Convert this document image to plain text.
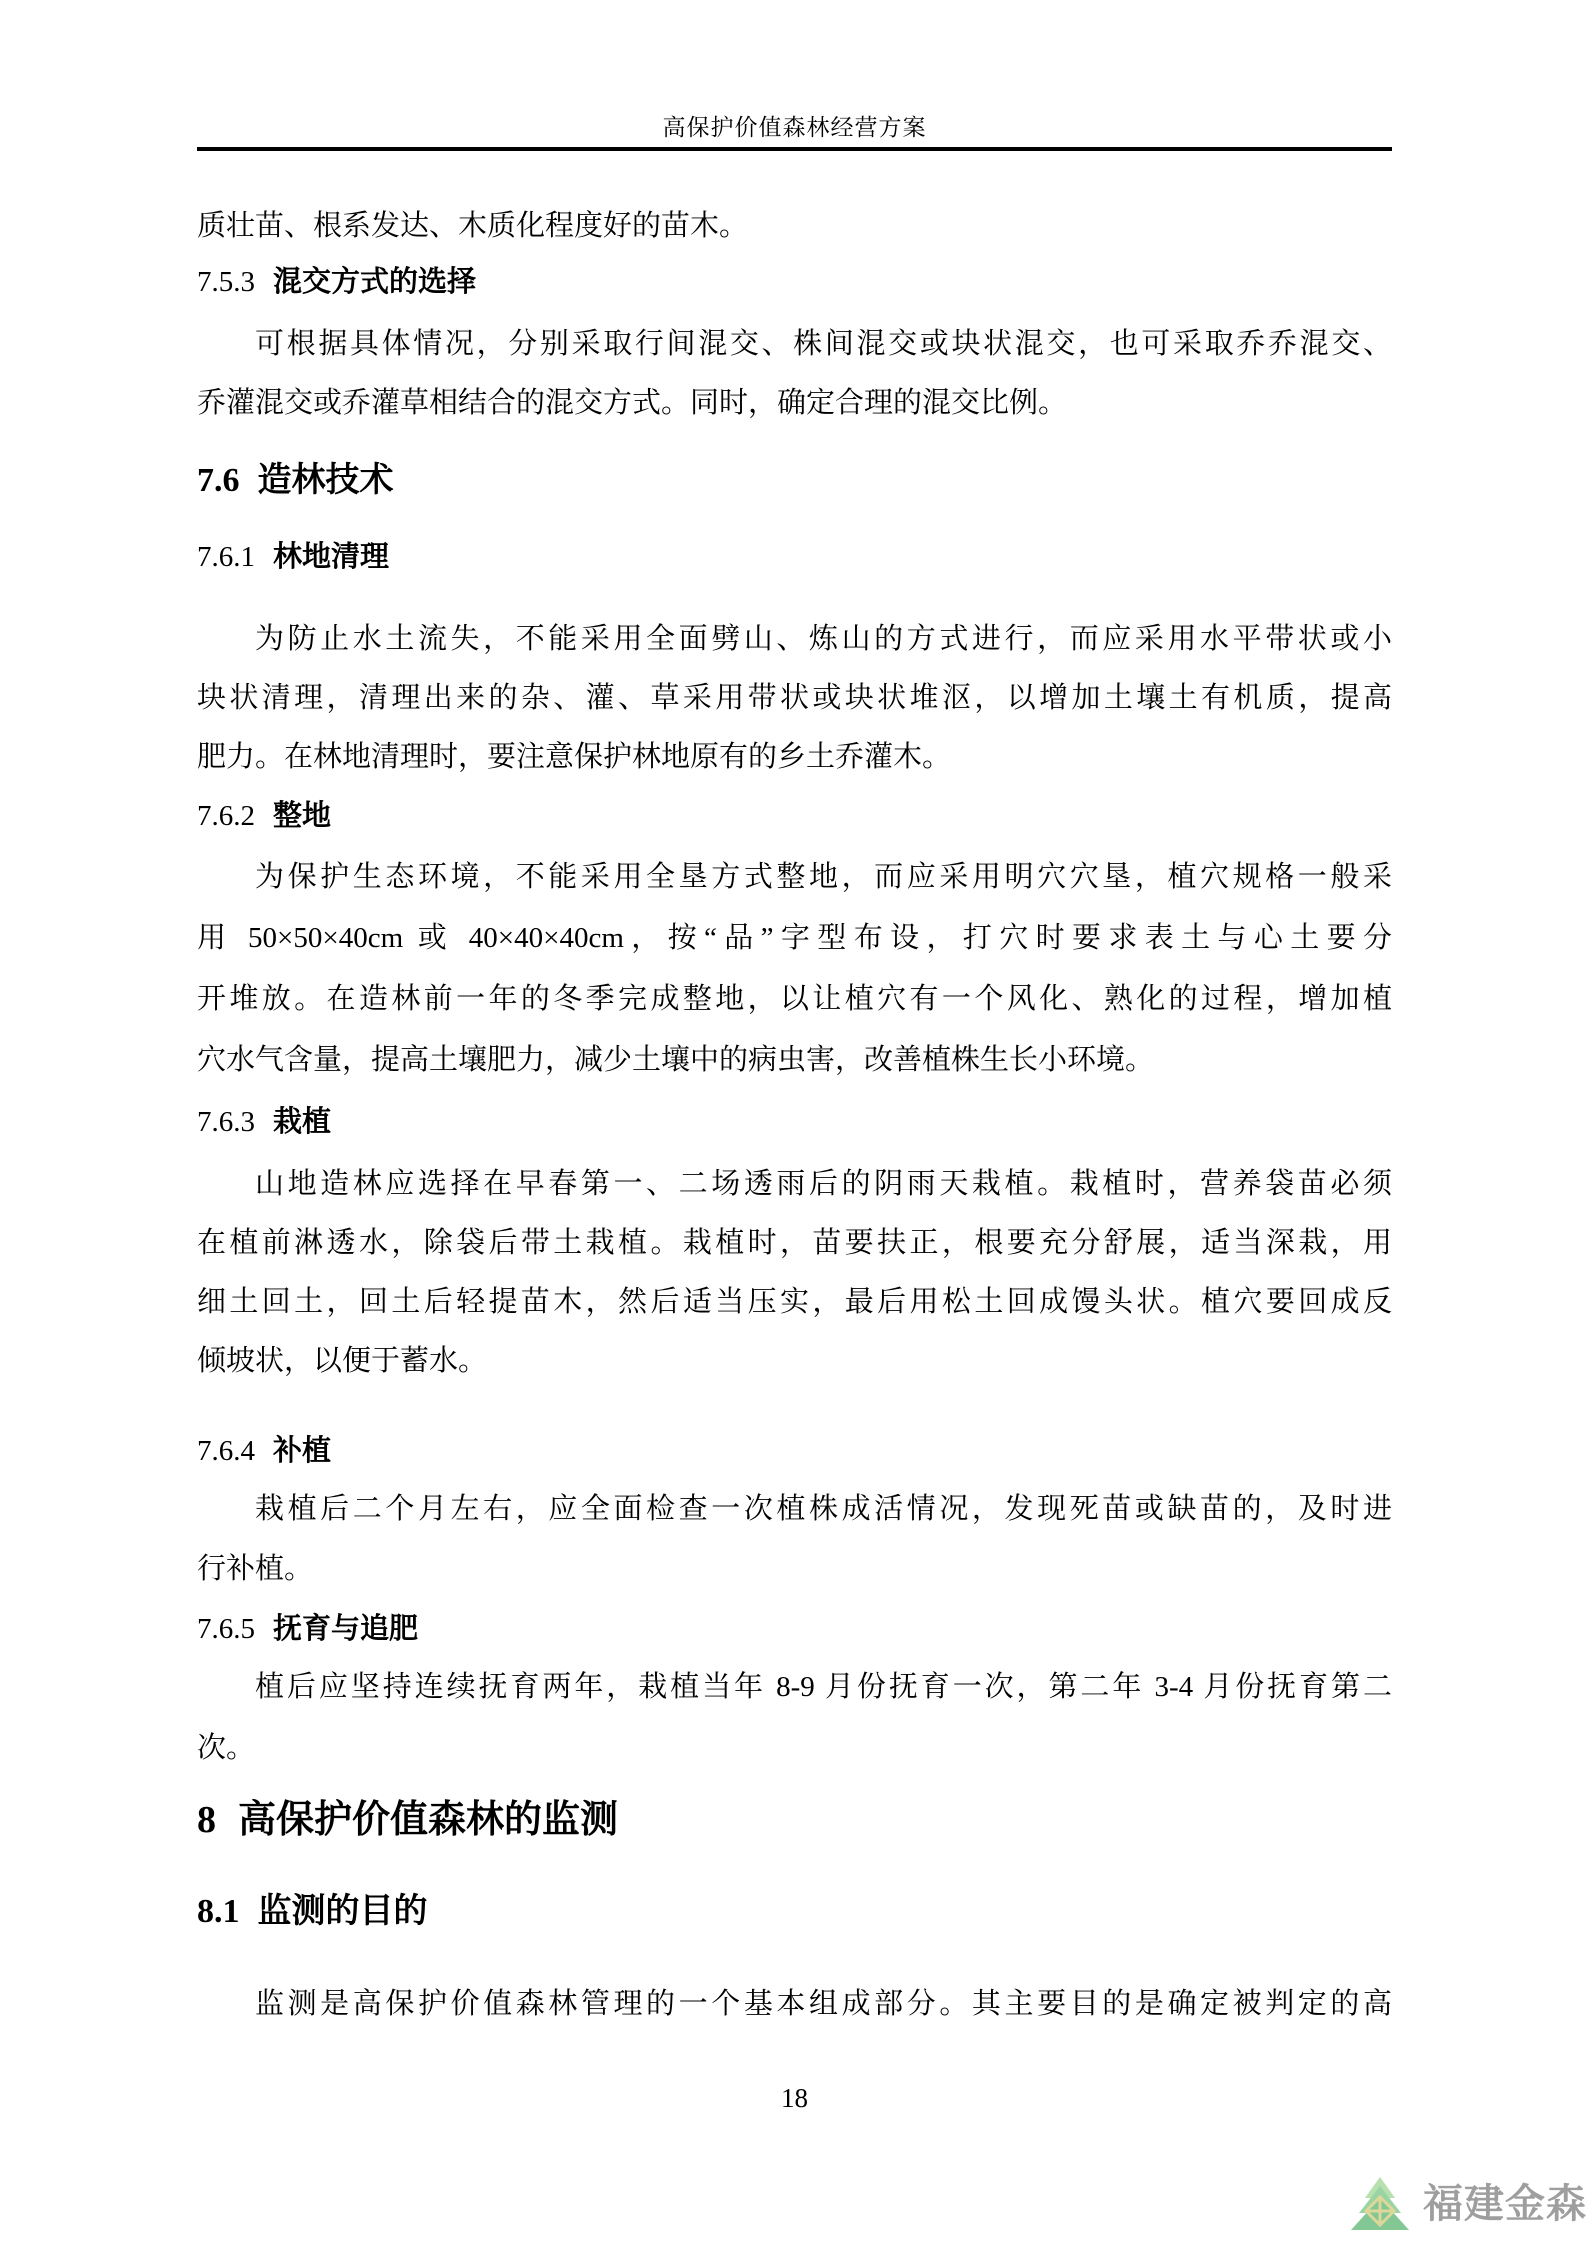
高保护价值森林经营方案
质壮苗、根系发达、木质化程度好的苗木。
7.5.3 混交方式的选择
可根据具体情况，分别采取行间混交、株间混交或块状混交，也可采取乔乔混交、
乔灌混交或乔灌草相结合的混交方式。同时，确定合理的混交比例。
7.6 造林技术
7.6.1 林地清理
为防止水土流失，不能采用全面劈山、炼山的方式进行，而应采用水平带状或小
块状清理，清理出来的杂、灌、草采用带状或块状堆沤，以增加土壤土有机质，提高
肥力。在林地清理时，要注意保护林地原有的乡土乔灌木。
7.6.2 整地
为保护生态环境，不能采用全垦方式整地，而应采用明穴穴垦，植穴规格一般采
用 50×50×40cm 或 40×40×40cm，按“品”字型布设，打穴时要求表土与心土要分
开堆放。在造林前一年的冬季完成整地，以让植穴有一个风化、熟化的过程，增加植
穴水气含量，提高土壤肥力，减少土壤中的病虫害，改善植株生长小环境。
7.6.3 栽植
山地造林应选择在早春第一、二场透雨后的阴雨天栽植。栽植时，营养袋苗必须
在植前淋透水，除袋后带土栽植。栽植时，苗要扶正，根要充分舒展，适当深栽，用
细土回土，回土后轻提苗木，然后适当压实，最后用松土回成馒头状。植穴要回成反
倾坡状，以便于蓄水。
7.6.4 补植
栽植后二个月左右，应全面检查一次植株成活情况，发现死苗或缺苗的，及时进
行补植。
7.6.5 抚育与追肥
植后应坚持连续抚育两年，栽植当年 8-9 月份抚育一次，第二年 3-4 月份抚育第二
次。
8 高保护价值森林的监测
8.1 监测的目的
监测是高保护价值森林管理的一个基本组成部分。其主要目的是确定被判定的高
18
福建金森
